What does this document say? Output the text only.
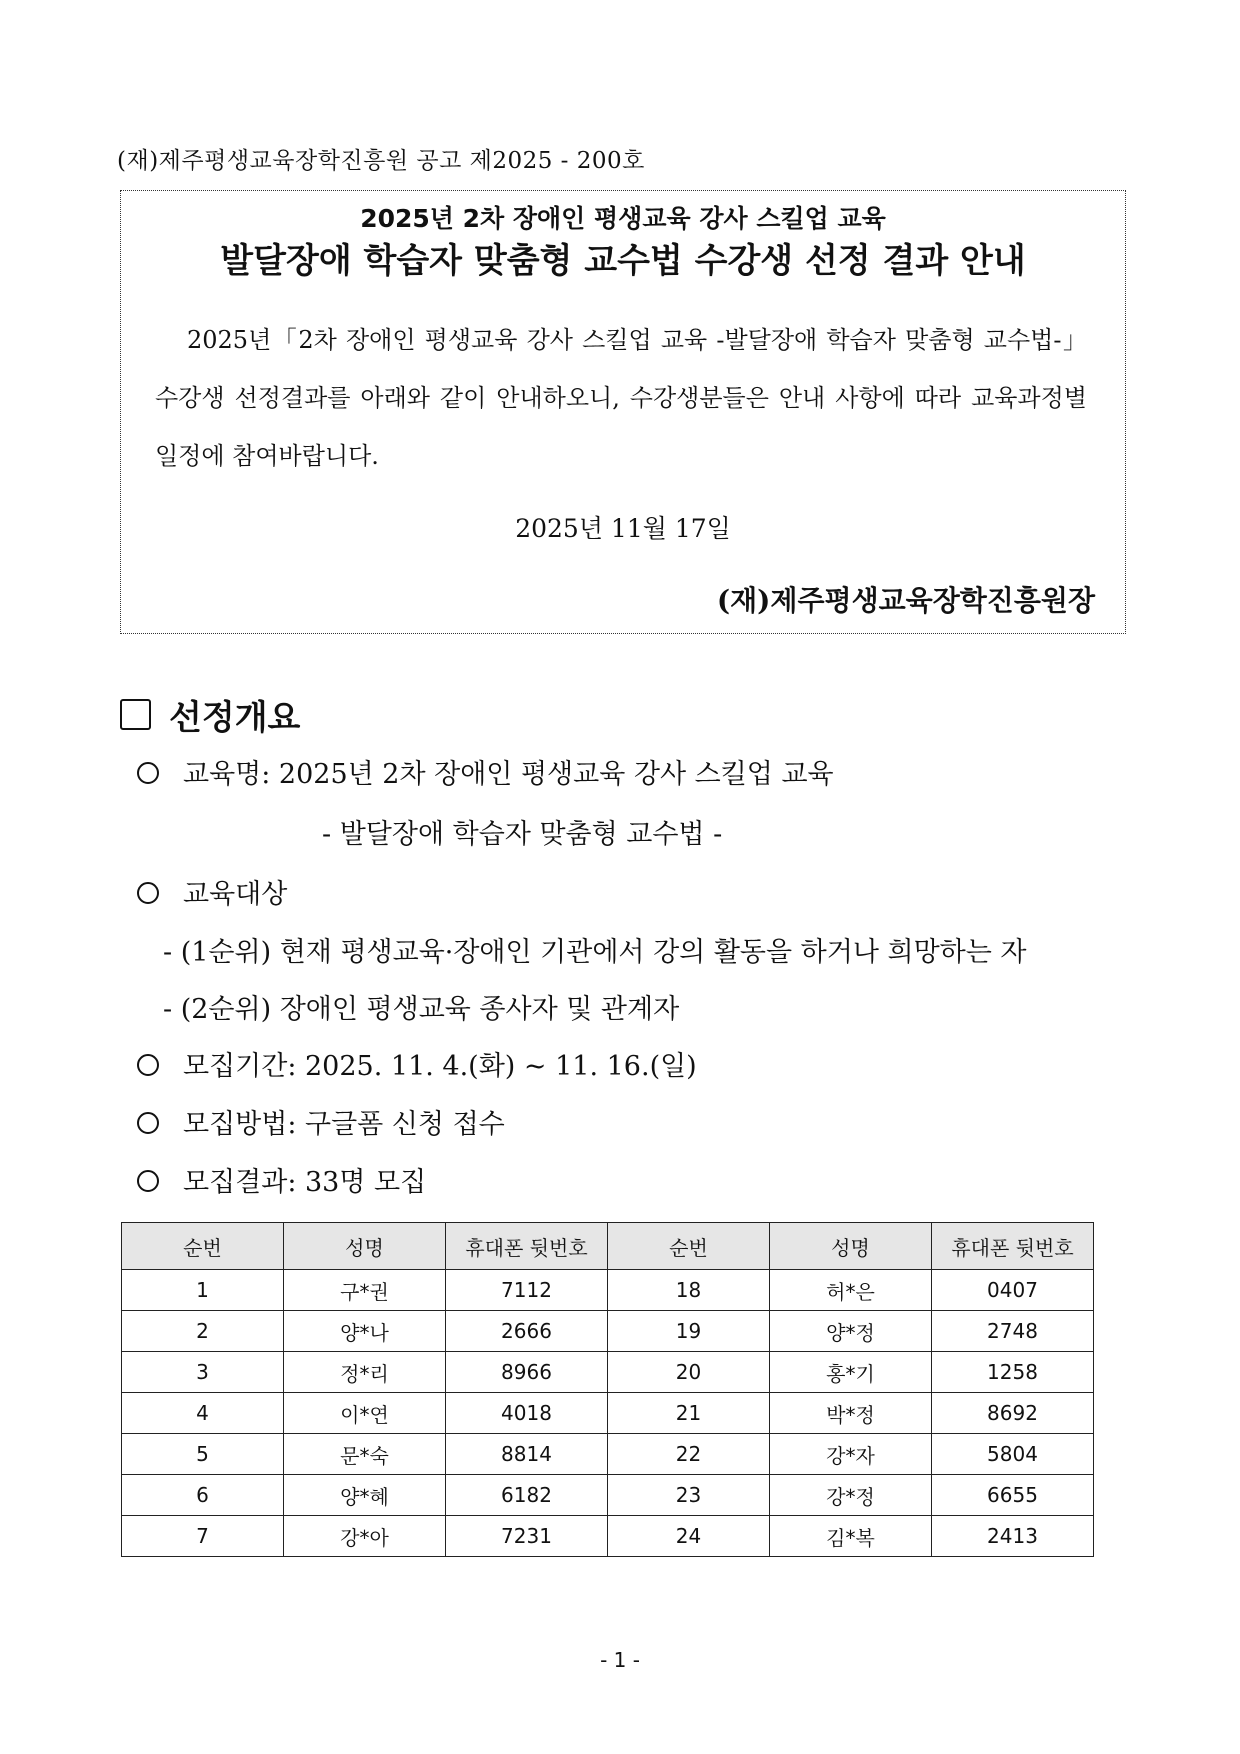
(재)제주평생교육장학진흥원 공고 제2025 - 200호
2025년 2차 장애인 평생교육 강사 스킬업 교육
발달장애 학습자 맞춤형 교수법 수강생 선정 결과 안내

2025년「2차 장애인 평생교육 강사 스킬업 교육 -발달장애 학습자 맞춤형 교수법-」수강생 선정결과를 아래와 같이 안내하오니, 수강생분들은 안내 사항에 따라 교육과정별 일정에 참여바랍니다.

2025년 11월 17일
(재)제주평생교육장학진흥원장
선정개요
교육명: 2025년 2차 장애인 평생교육 강사 스킬업 교육
- 발달장애 학습자 맞춤형 교수법 -
교육대상
- (1순위) 현재 평생교육·장애인 기관에서 강의 활동을 하거나 희망하는 자
- (2순위) 장애인 평생교육 종사자 및 관계자
모집기간: 2025. 11. 4.(화) ~ 11. 16.(일)
모집방법: 구글폼 신청 접수
모집결과: 33명 모집
순번	성명	휴대폰 뒷번호	순번	성명	휴대폰 뒷번호
1	구*권	7112	18	허*은	0407
2	양*나	2666	19	양*정	2748
3	정*리	8966	20	홍*기	1258
4	이*연	4018	21	박*정	8692
5	문*숙	8814	22	강*자	5804
6	양*혜	6182	23	강*정	6655
7	강*아	7231	24	김*복	2413
- 1 -
